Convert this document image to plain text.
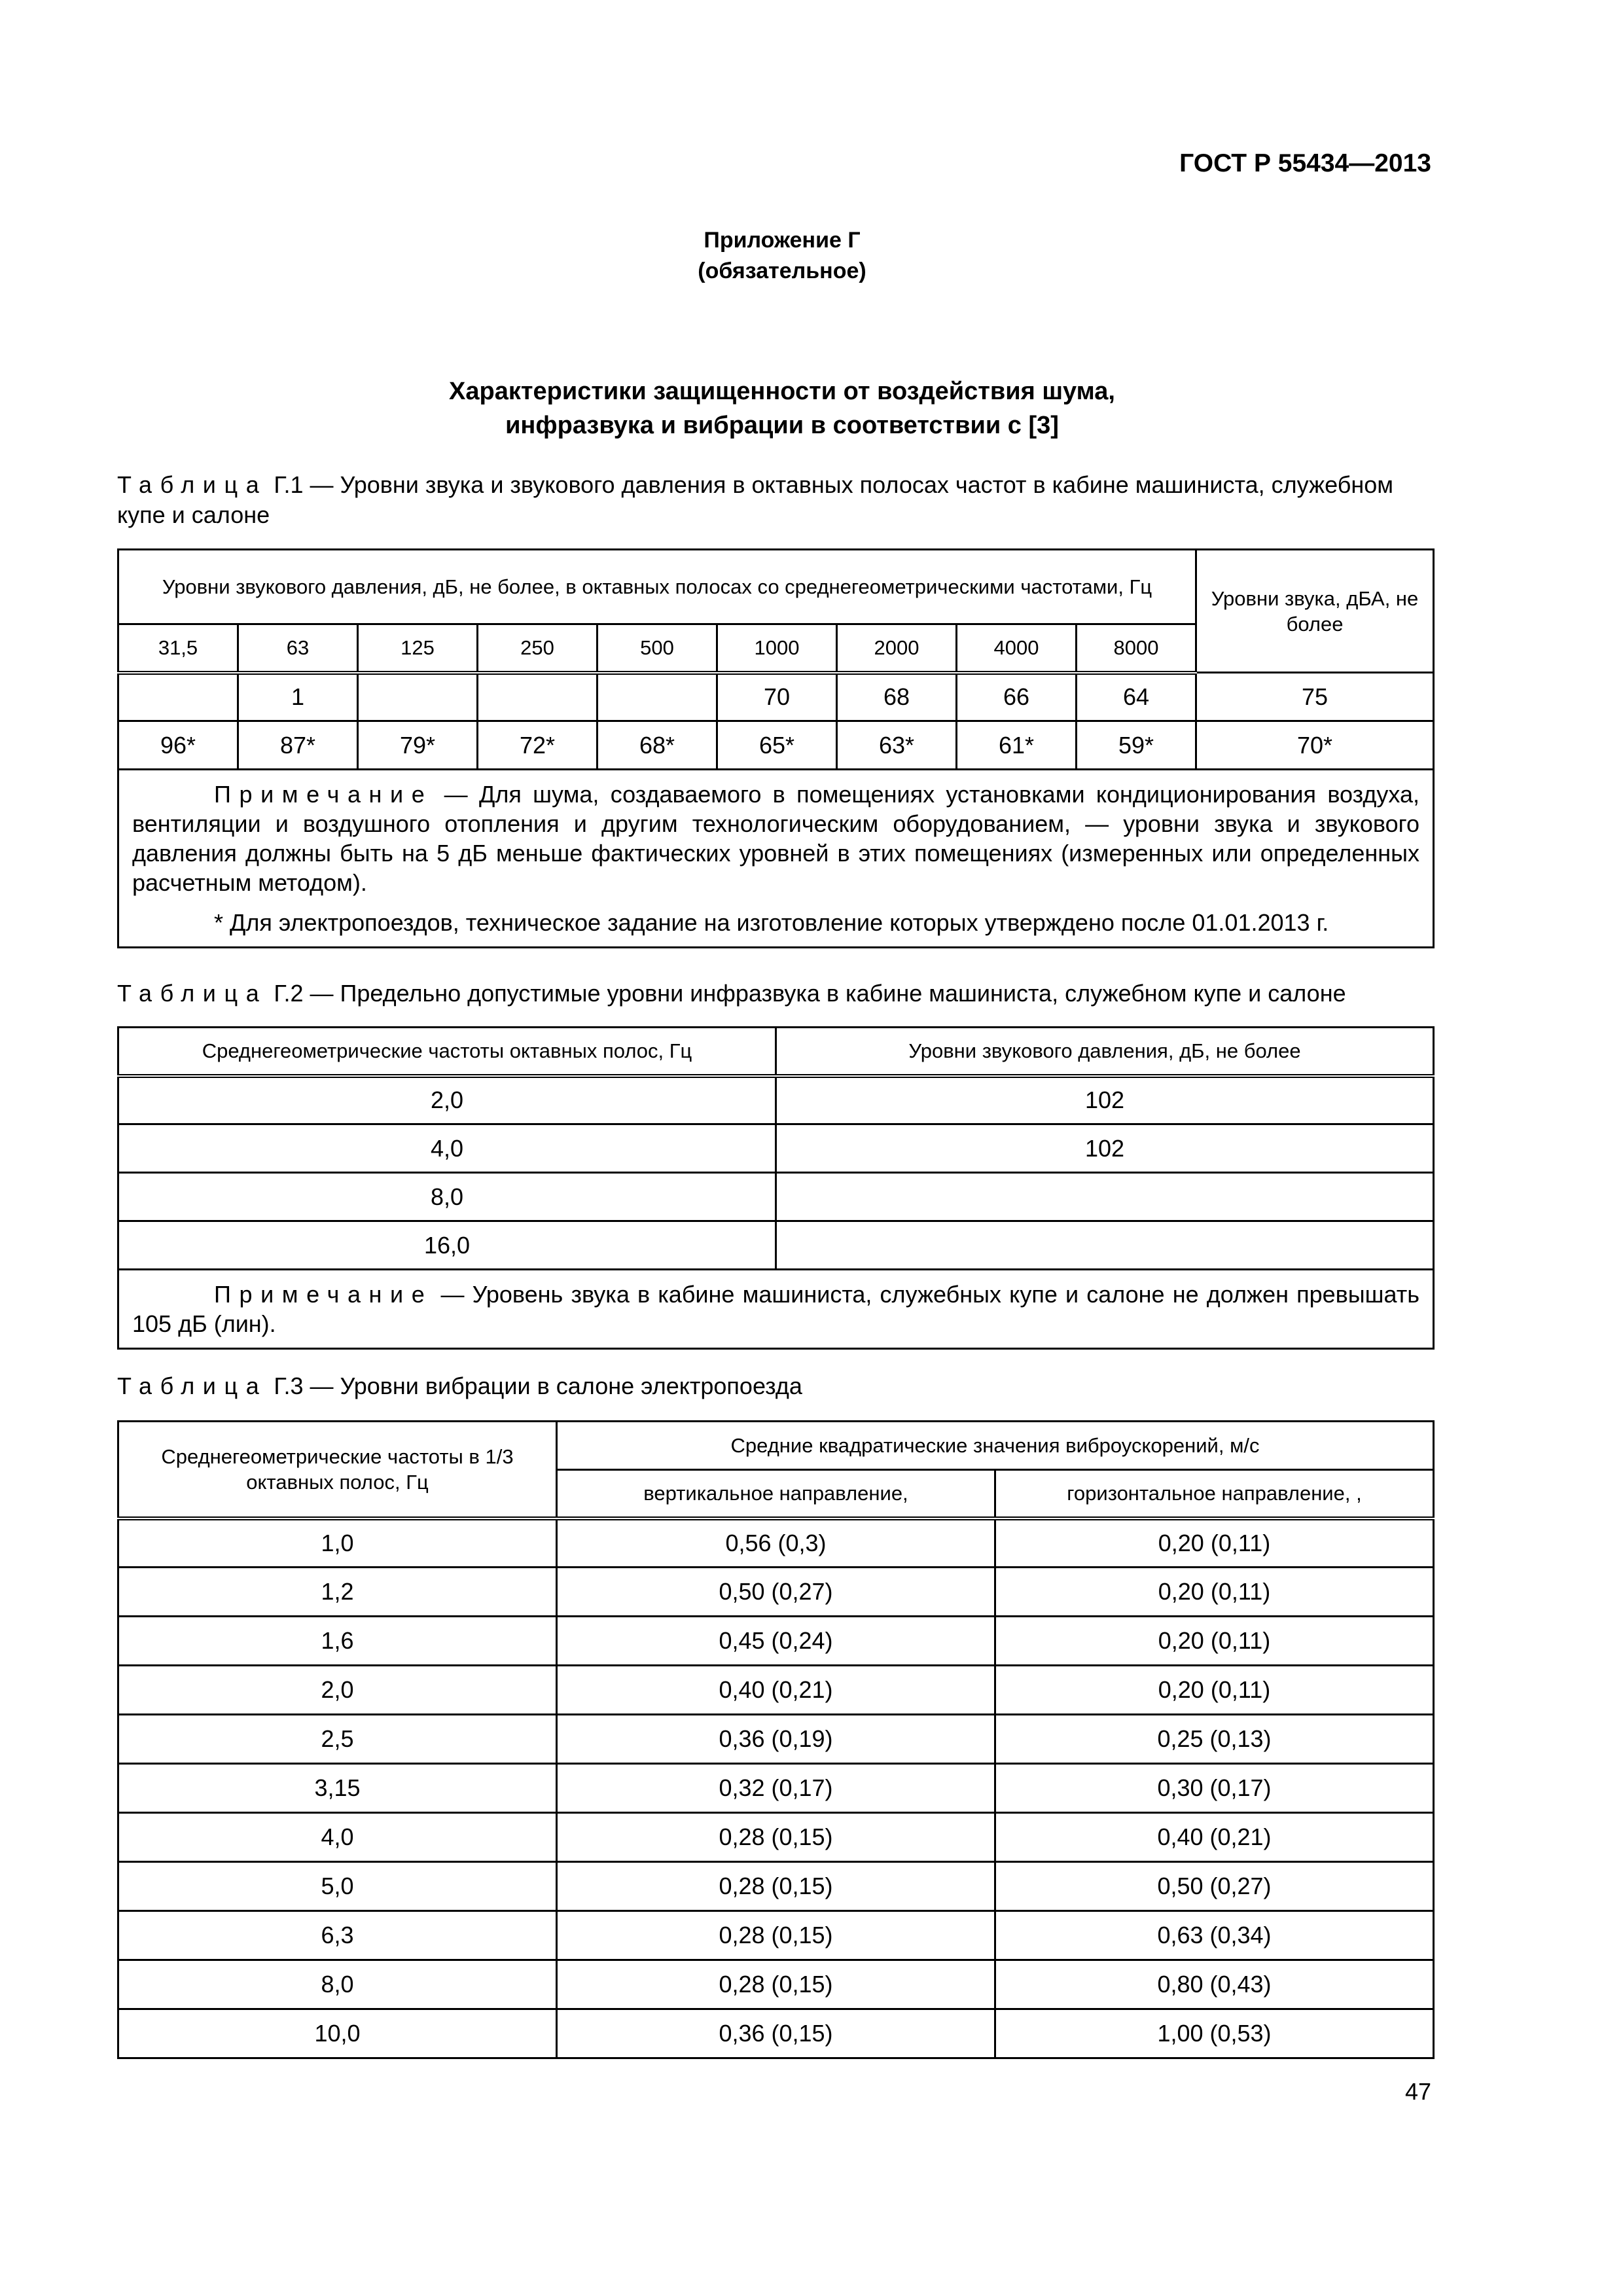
ГОСТ Р 55434—2013
Приложение Г
(обязательное)
Характеристики защищенности от воздействия шума,
инфразвука и вибрации в соответствии с [3]
Таблица Г.1 — Уровни звука и звукового давления в октавных полосах частот в кабине машиниста, служебном купе и салоне
Уровни звукового давления, дБ, не более, в октавных полосах со среднегеометрическими частотами, Гц									Уровни звука, дБА, не более
31,5	63	125	250	500	1000	2000	4000	8000	
	1				70	68	66	64	75
96*	87*	79*	72*	68*	65*	63*	61*	59*	70*

Примечание — Для шума, создаваемого в помещениях установками кондиционирования воздуха, вентиляции и воздушного отопления и другим технологическим оборудованием, — уровни звука и звукового давления должны быть на 5 дБ меньше фактических уровней в этих помещениях (измеренных или определенных расчетным методом).

* Для электропоездов, техническое задание на изготовление которых утверждено после 01.01.2013 г.									

Таблица Г.2 — Предельно допустимые уровни инфразвука в кабине машиниста, служебном купе и салоне
Среднегеометрические частоты октавных полос, Гц	Уровни звукового давления, дБ, не более
2,0	102
4,0	102
8,0	
16,0	

Примечание — Уровень звука в кабине машиниста, служебных купе и салоне не должен превышать 105 дБ (лин).	

Таблица Г.3 — Уровни вибрации в салоне электропоезда
Среднегеометрические частоты в 1/3 октавных полос, Гц	Средние квадратические значения виброускорений, м/с	
	вертикальное направление,	горизонтальное направление, ,
1,0	0,56 (0,3)	0,20 (0,11)
1,2	0,50 (0,27)	0,20 (0,11)
1,6	0,45 (0,24)	0,20 (0,11)
2,0	0,40 (0,21)	0,20 (0,11)
2,5	0,36 (0,19)	0,25 (0,13)
3,15	0,32 (0,17)	0,30 (0,17)
4,0	0,28 (0,15)	0,40 (0,21)
5,0	0,28 (0,15)	0,50 (0,27)
6,3	0,28 (0,15)	0,63 (0,34)
8,0	0,28 (0,15)	0,80 (0,43)
10,0	0,36 (0,15)	1,00 (0,53)
47
